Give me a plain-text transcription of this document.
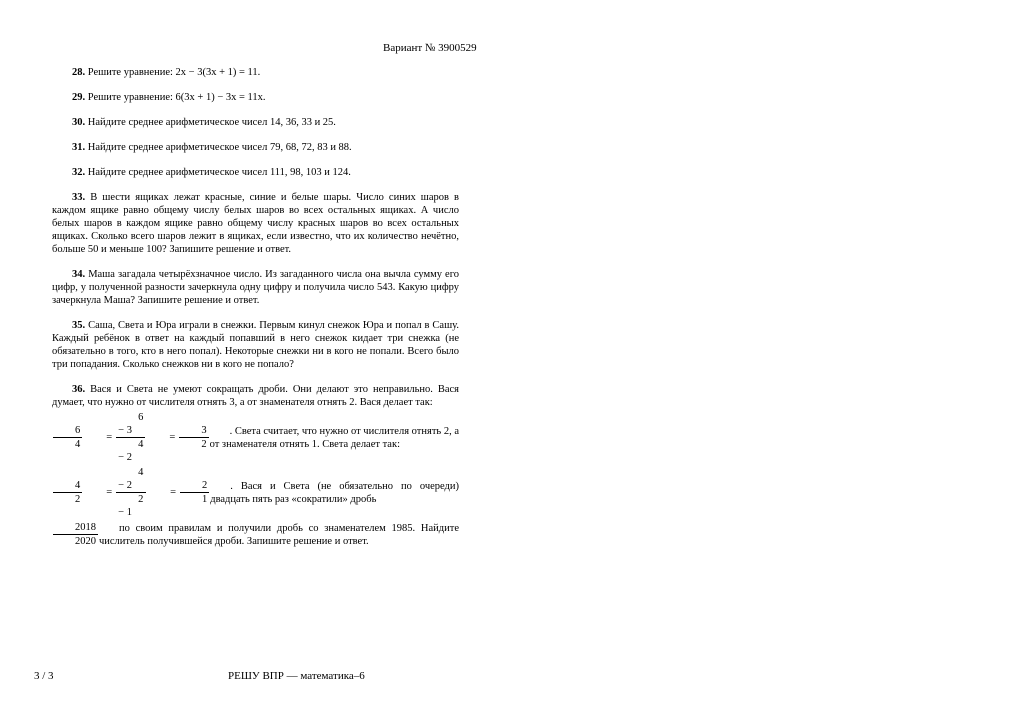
Вариант № 3900529
28. Решите уравнение: 2x − 3(3x + 1) = 11.
29. Решите уравнение: 6(3x + 1) − 3x = 11x.
30. Найдите среднее арифметическое чисел 14, 36, 33 и 25.
31. Найдите среднее арифметическое чисел 79, 68, 72, 83 и 88.
32. Найдите среднее арифметическое чисел 111, 98, 103 и 124.
33. В шести ящиках лежат красные, синие и белые шары. Число синих шаров в каждом ящике равно общему числу белых шаров во всех остальных ящиках. А число белых шаров в каждом ящике равно общему числу красных шаров во всех остальных ящиках. Сколько всего шаров лежит в ящиках, если известно, что их количество нечётно, больше 50 и меньше 100? Запишите решение и ответ.
34. Маша загадала четырёхзначное число. Из загаданного числа она вычла сумму его цифр, у полученной разности зачеркнула одну цифру и получила число 543. Какую цифру зачеркнула Маша? Запишите решение и ответ.
35. Саша, Света и Юра играли в снежки. Первым кинул снежок Юра и попал в Сашу. Каждый ребёнок в ответ на каждый попавший в него снежок кидает три снежка (не обязательно в того, кто в него попал). Некоторые снежки ни в кого не попали. Всего было три попадания. Сколько снежков ни в кого не попало?
36. Вася и Света не умеют сокращать дроби. Они делают это неправильно. Вася думает, что нужно от числителя отнять 3, а от знаменателя отнять 2. Вася делает так:
$\frac{6}{4}$	= $\frac{6 - 3}{4 - 2}$	= $\frac{3}{2}$	. Света считает, что нужно от числителя отнять 2, а от знаменателя отнять 1. Света делает так:
$\frac{4}{2}$	= $\frac{4 - 2}{2 - 1}$	= $\frac{2}{1}$	. Вася и Света (не обязательно по очереди) двадцать пять раз «сократили» дробь
$\frac{2018}{2020}$	по своим правилам и получили дробь со знаменателем 1985. Найдите числитель получившейся дроби. Запишите решение и ответ.
3 / 3	РЕШУ ВПР — математика–6
